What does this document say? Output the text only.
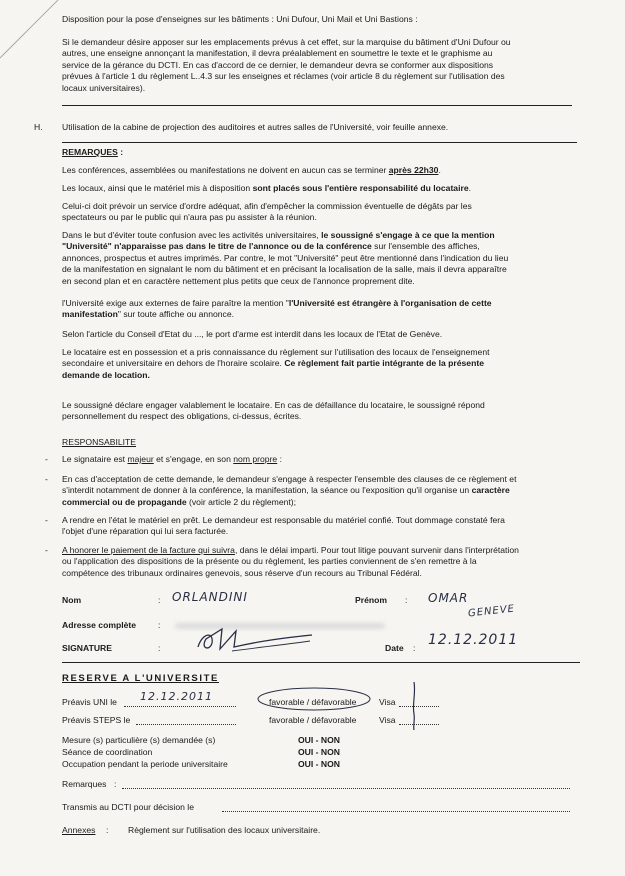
Disposition pour la pose d'enseignes sur les bâtiments : Uni Dufour, Uni Mail et Uni Bastions :
Si le demandeur désire apposer sur les emplacements prévus à cet effet, sur la marquise du bâtiment d'Uni Dufour ou
autres, une enseigne annonçant la manifestation, il devra préalablement en soumettre le texte et le graphisme au
service de la gérance du DCTI. En cas d'accord de ce dernier, le demandeur devra se conformer aux dispositions
prévues à l'article 1 du règlement L..4.3 sur les enseignes et réclames (voir article 8 du règlement sur l'utilisation des
locaux universitaires).
H. Utilisation de la cabine de projection des auditoires et autres salles de l'Université, voir feuille annexe.
REMARQUES :
Les conférences, assemblées ou manifestations ne doivent en aucun cas se terminer après 22h30.
Les locaux, ainsi que le matériel mis à disposition sont placés sous l'entière responsabilité du locataire.
Celui-ci doit prévoir un service d'ordre adéquat, afin d'empêcher la commission éventuelle de dégâts par les
spectateurs ou par le public qui n'aura pas pu assister à la réunion.
Dans le but d'éviter toute confusion avec les activités universitaires, le soussigné s'engage à ce que la mention
"Université" n'apparaisse pas dans le titre de l'annonce ou de la conférence sur l'ensemble des affiches,
annonces, prospectus et autres imprimés. Par contre, le mot "Université" peut être mentionné dans l'indication du lieu
de la manifestation en signalant le nom du bâtiment et en précisant la localisation de la salle, mais il devra apparaître
en second plan et en caractère nettement plus petits que ceux de l'annonce proprement dite.
l'Université exige aux externes de faire paraître la mention "l'Université est étrangère à l'organisation de cette
manifestation" sur toute affiche ou annonce.
Selon l'article du Conseil d'Etat du ..., le port d'arme est interdit dans les locaux de l'Etat de Genève.
Le locataire est en possession et a pris connaissance du règlement sur l'utilisation des locaux de l'enseignement
secondaire et universitaire en dehors de l'horaire scolaire. Ce règlement fait partie intégrante de la présente
demande de location.
Le soussigné déclare engager valablement le locataire. En cas de défaillance du locataire, le soussigné répond
personnellement du respect des obligations, ci-dessus, écrites.
RESPONSABILITE
- Le signataire est majeur et s'engage, en son nom propre :
- En cas d'acceptation de cette demande, le demandeur s'engage à respecter l'ensemble des clauses de ce règlement et
s'interdit notamment de donner à la conférence, la manifestation, la séance ou l'exposition qu'il organise un caractère
commercial ou de propagande (voir article 2 du règlement);
- A rendre en l'état le matériel en prêt. Le demandeur est responsable du matériel confié. Tout dommage constaté fera
l'objet d'une réparation qui lui sera facturée.
- A honorer le paiement de la facture qui suivra, dans le délai imparti. Pour tout litige pouvant survenir dans l'interprétation
ou l'application des dispositions de la présente ou du règlement, les parties conviennent de s'en remettre à la
compétence des tribunaux ordinaires genevois, sous réserve d'un recours au Tribunal Fédéral.
Nom	: ORLANDINI	Prénom : OMAR
Adresse complète	:
GENEVE
SIGNATURE	:	Date : 12.12.2011
RESERVE A L'UNIVERSITE
Préavis UNI le 12.12.2011	favorable / défavorable	Visa
Préavis STEPS le	favorable / défavorable	Visa
Mesure (s) particulière (s) demandée (s)	OUI - NON
Séance de coordination	OUI - NON
Occupation pendant la periode universitaire	OUI - NON
Remarques :
Transmis au DCTI pour décision le
Annexes : Règlement sur l'utilisation des locaux universitaire.
